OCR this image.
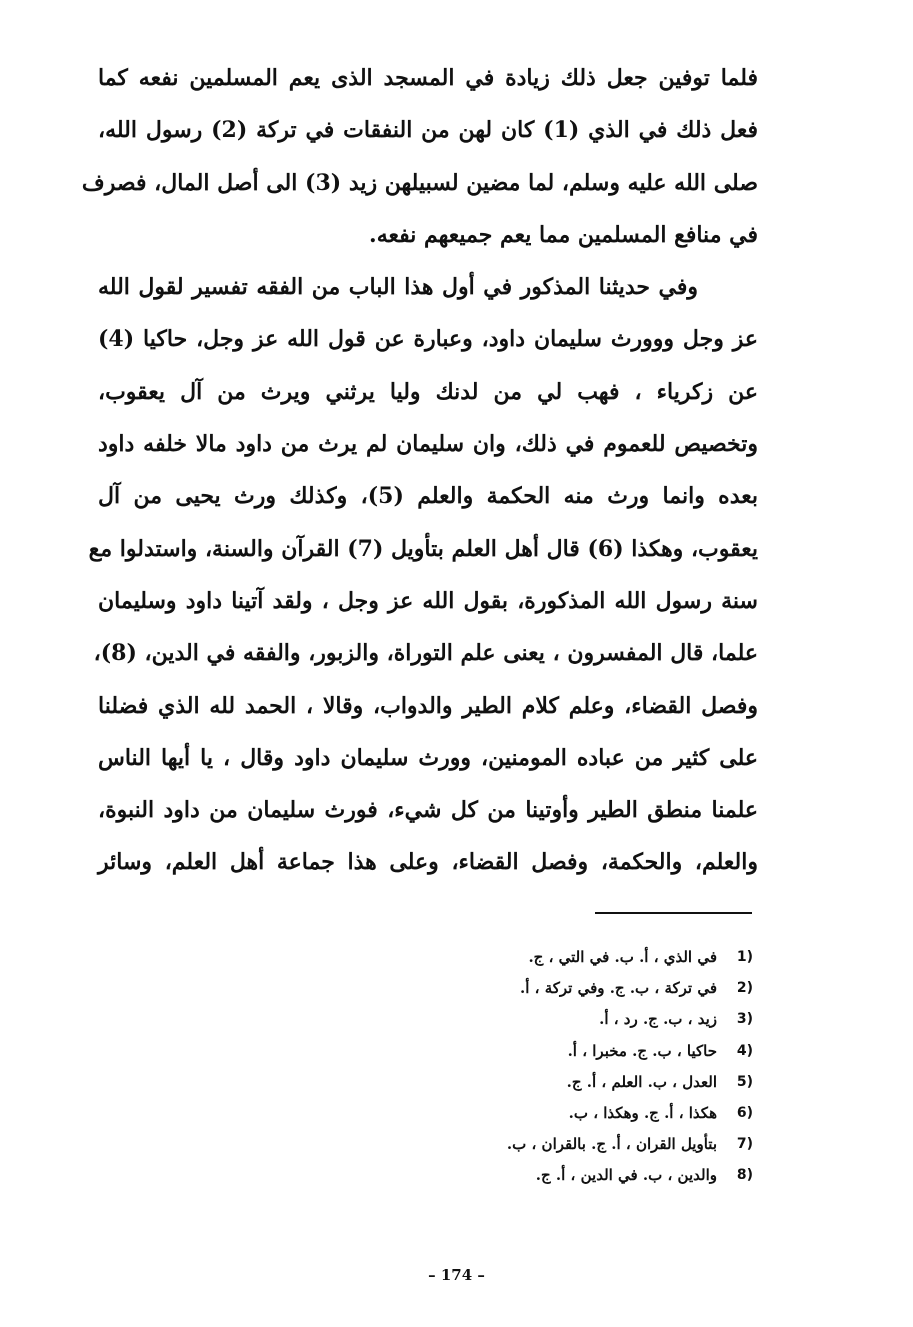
فلما توفين جعل ذلك زيادة في المسجد الذى يعم المسلمين نفعه كما
فعل ذلك في الذي (1) كان لهن من النفقات في تركة (2) رسول الله،
صلى الله عليه وسلم، لما مضين لسبيلهن زيد (3) الى أصل المال، فصرف
في منافع المسلمين مما يعم جميعهم نفعه.
وفي حديثنا المذكور في أول هذا الباب من الفقه تفسير لقول الله
عز وجل ووورث سليمان داود، وعبارة عن قول الله عز وجل، حاكيا (4)
عن زكرياء ، فهب لي من لدنك وليا يرثني ويرث من آل يعقوب،
وتخصيص للعموم في ذلك، وان سليمان لم يرث من داود مالا خلفه داود
بعده وانما ورث منه الحكمة والعلم (5)، وكذلك ورث يحيى من آل
يعقوب، وهكذا (6) قال أهل العلم بتأويل (7) القرآن والسنة، واستدلوا مع
سنة رسول الله المذكورة، بقول الله عز وجل ، ولقد آتينا داود وسليمان
علما، قال المفسرون ، يعنى علم التوراة، والزبور، والفقه في الدين، (8)،
وفصل القضاء، وعلم كلام الطير والدواب، وقالا ، الحمد لله الذي فضلنا
على كثير من عباده المومنين، وورث سليمان داود وقال ، يا أيها الناس
علمنا منطق الطير وأوتينا من كل شيء، فورث سليمان من داود النبوة،
والعلم، والحكمة، وفصل القضاء، وعلى هذا جماعة أهل العلم، وسائر
(1
في الذي ، أ. ب. في التي ، ج.
(2
في تركة ، ب. ج. وفي تركة ، أ.
(3
زيد ، ب. ج. رد ، أ.
(4
حاكيا ، ب. ج. مخبرا ، أ.
(5
العدل ، ب. العلم ، أ. ج.
(6
هكذا ، أ. ج. وهكذا ، ب.
(7
بتأويل القران ، أ. ج. بالقران ، ب.
(8
والدين ، ب. في الدين ، أ. ج.
– 174 –
